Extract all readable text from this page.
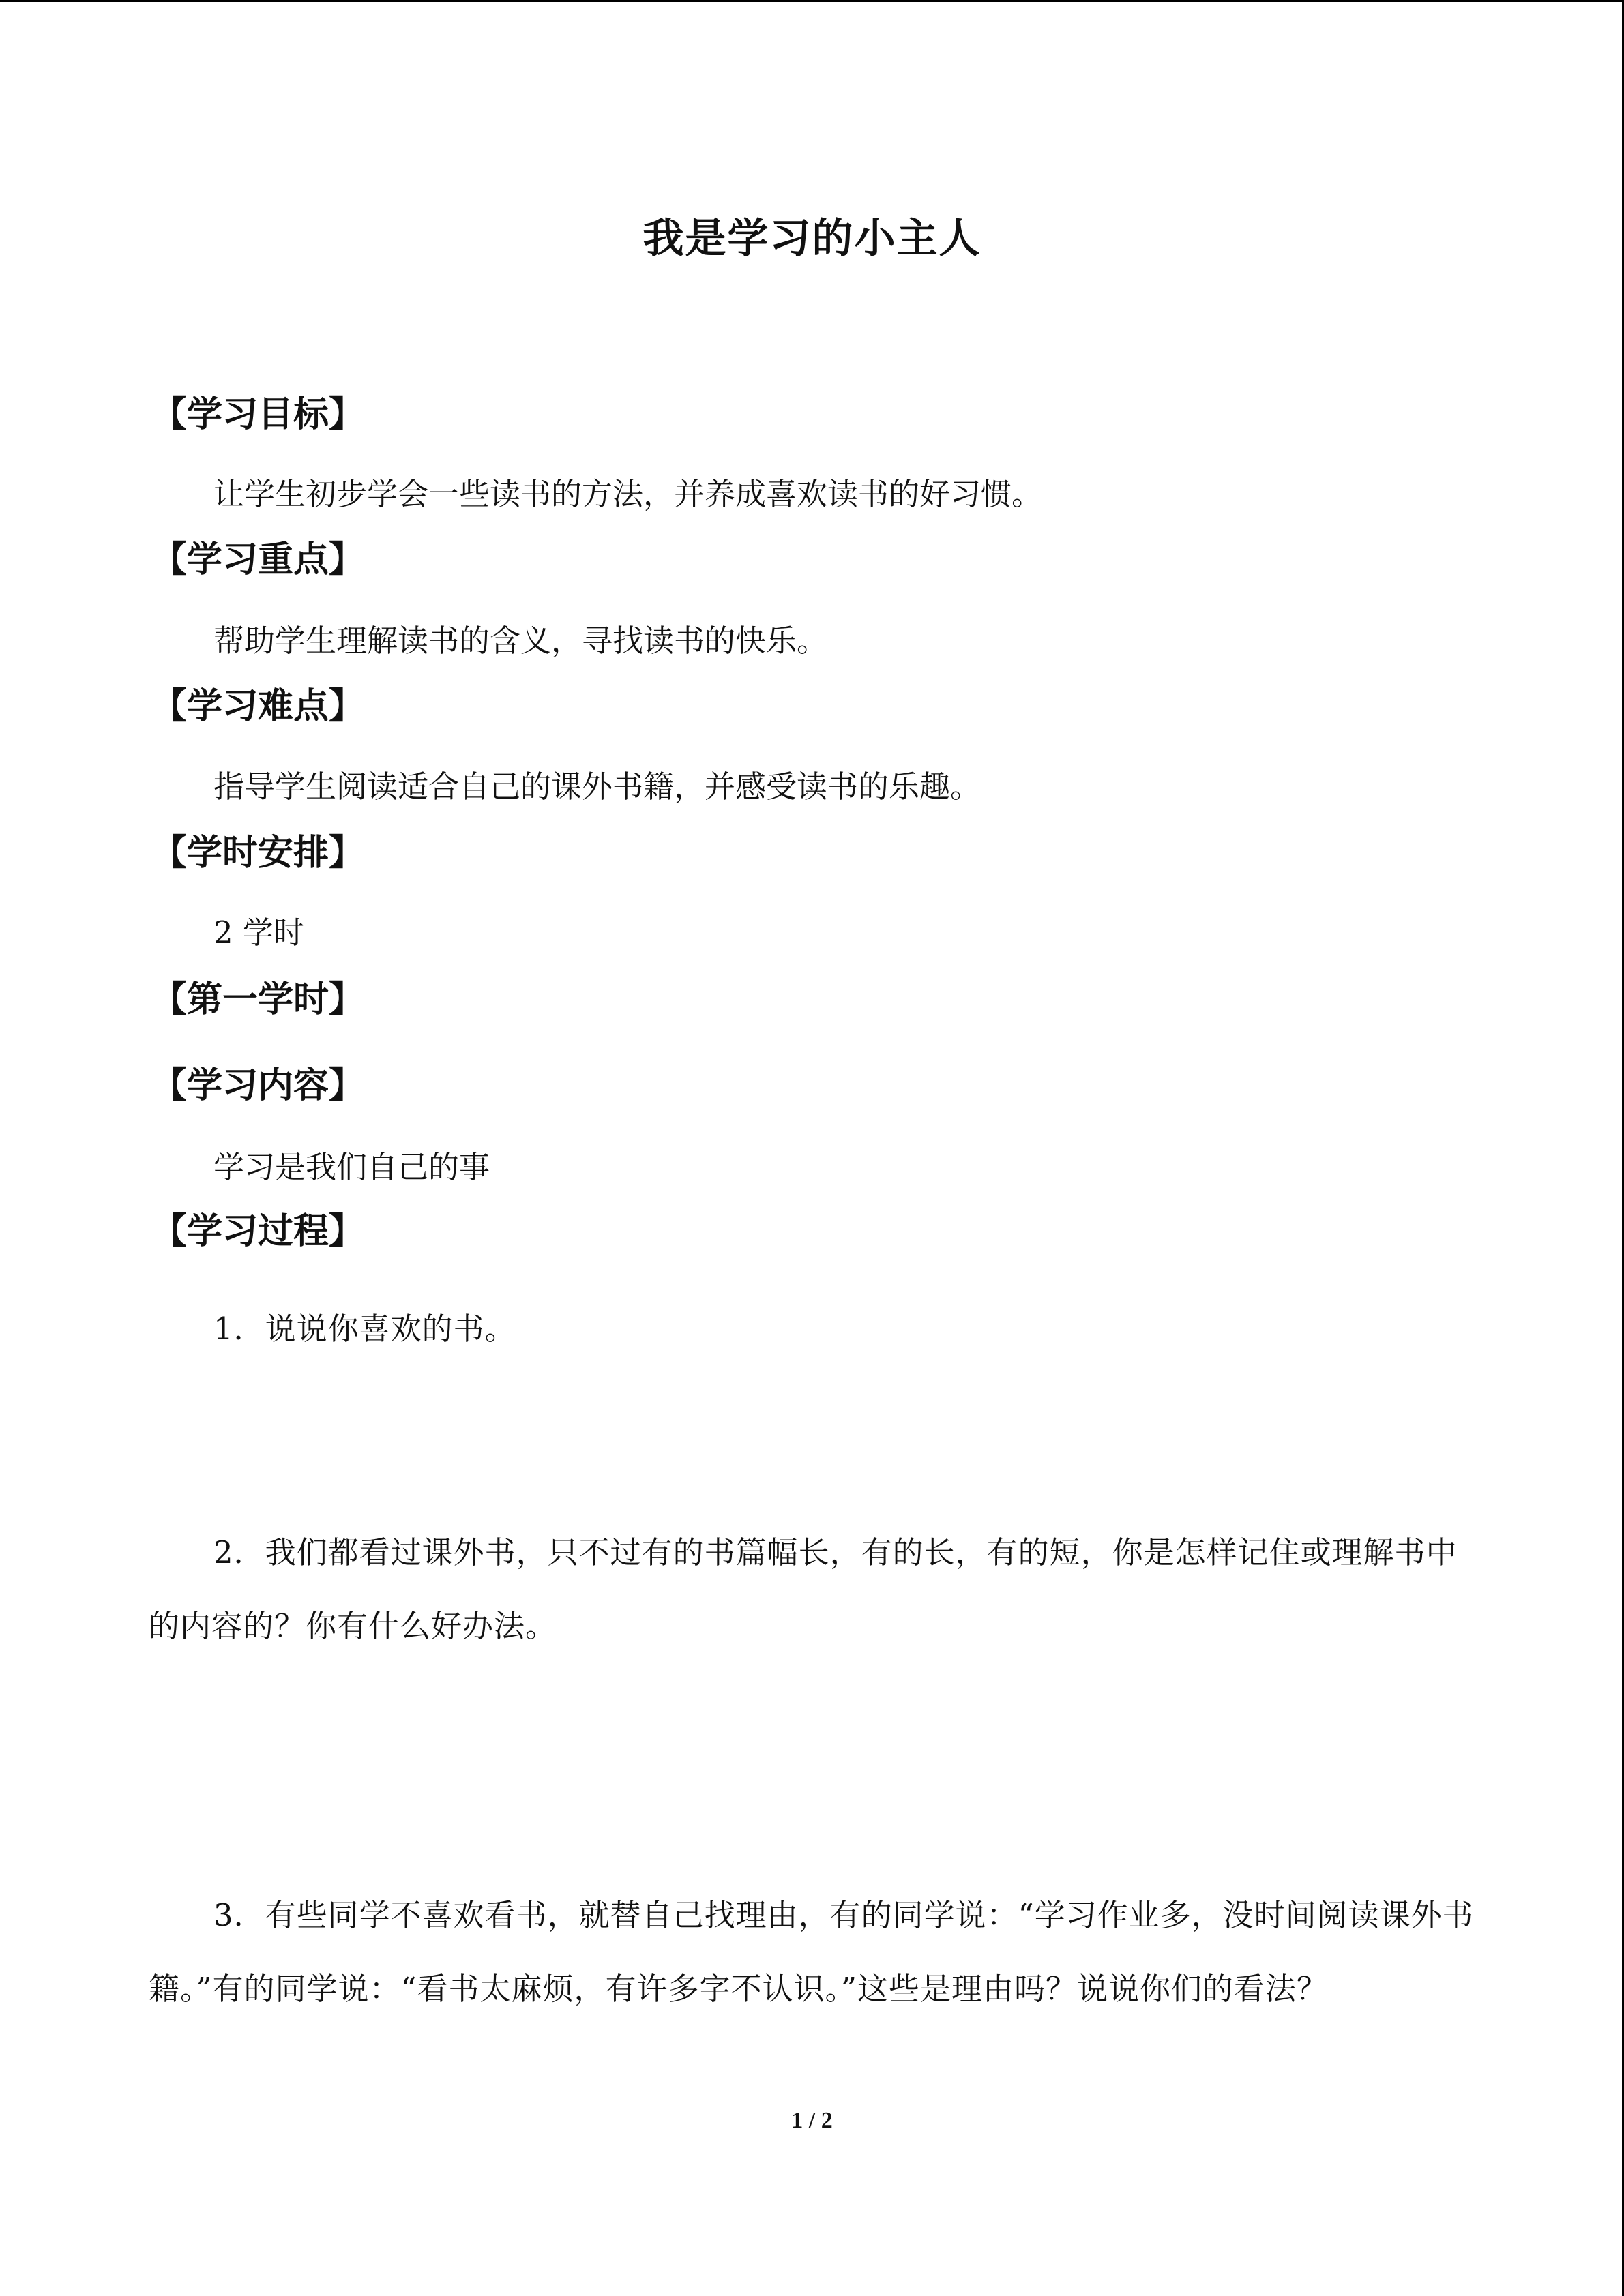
我是学习的小主人
【学习目标】
让学生初步学会一些读书的方法，并养成喜欢读书的好习惯。
【学习重点】
帮助学生理解读书的含义，寻找读书的快乐。
【学习难点】
指导学生阅读适合自己的课外书籍，并感受读书的乐趣。
【学时安排】
2 学时
【第一学时】
【学习内容】
学习是我们自己的事
【学习过程】
1．说说你喜欢的书。
2．我们都看过课外书，只不过有的书篇幅长，有的长，有的短，你是怎样记住或理解书中的内容的？你有什么好办法。
3．有些同学不喜欢看书，就替自己找理由，有的同学说：“学习作业多，没时间阅读课外书籍。”有的同学说：“看书太麻烦，有许多字不认识。”这些是理由吗？说说你们的看法？
1 / 2
